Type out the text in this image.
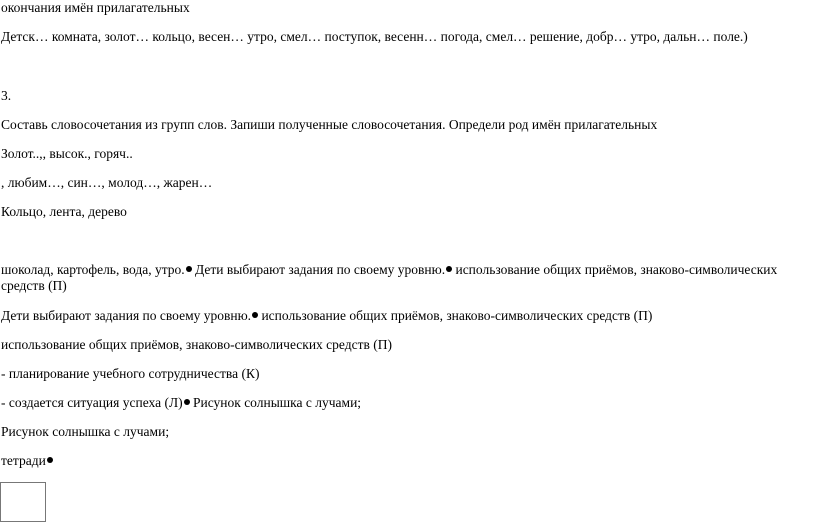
окончания имён прилагательных
Детск… комната, золот… кольцо, весен… утро, смел… поступок, весенн… погода, смел… решение, добр… утро, дальн… поле.)
3.
Составь словосочетания из групп слов. Запиши полученные словосочетания. Определи род имён прилагательных
Золот..,, высок., горяч..
, любим…, син…, молод…, жарен…
Кольцо, лента, дерево
шоколад, картофель, вода, утро. Дети выбирают задания по своему уровню. использование общих приёмов, знаково-символических средств (П)
Дети выбирают задания по своему уровню. использование общих приёмов, знаково-символических средств (П)
использование общих приёмов, знаково-символических средств (П)
- планирование учебного сотрудничества (К)
- создается ситуация успеха (Л) Рисунок солнышка с лучами;
Рисунок солнышка с лучами;
тетради
